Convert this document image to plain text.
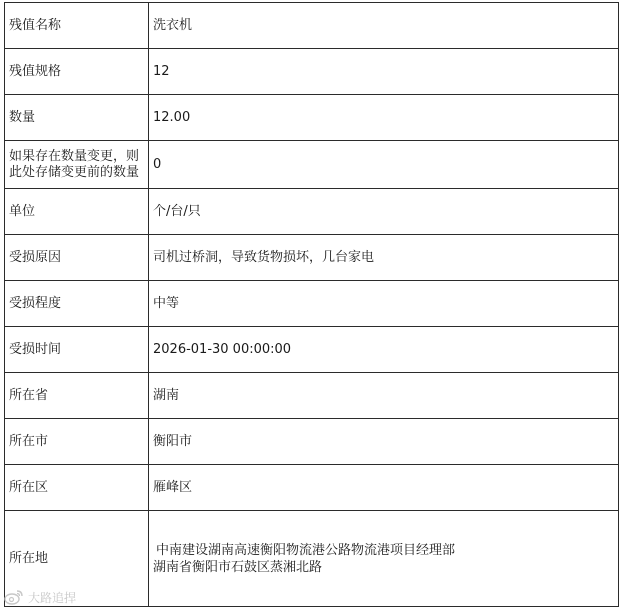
残值名称	洗衣机
残值规格	12
数量	12.00
如果存在数量变更，则此处存储变更前的数量	0
单位	个/台/只
受损原因	司机过桥洞，导致货物损坏，几台家电
受损程度	中等
受损时间	2026-01-30 00:00:00
所在省	湖南
所在市	衡阳市
所在区	雁峰区
所在地	中南建设湖南高速衡阳物流港公路物流港项目经理部
湖南省衡阳市石鼓区蒸湘北路
大路追捍
